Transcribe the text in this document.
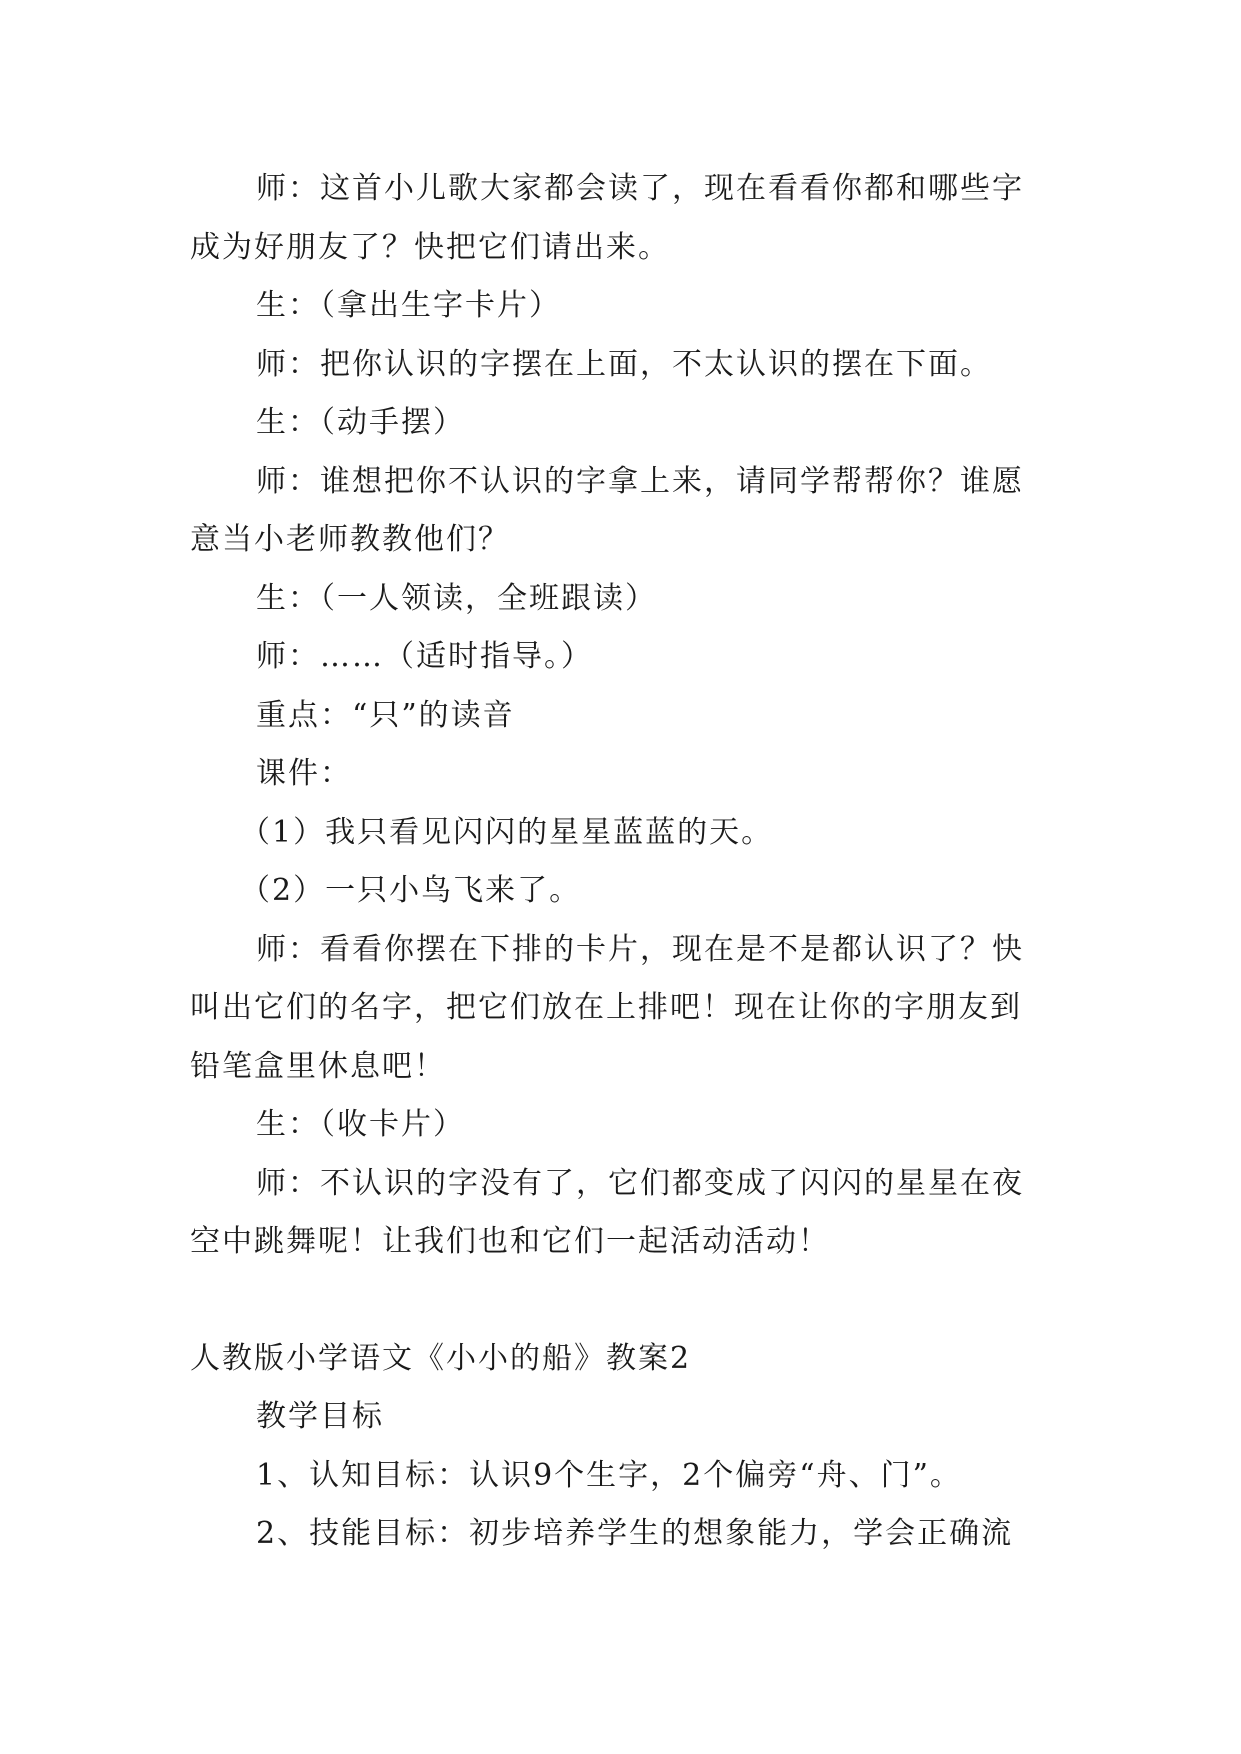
师：这首小儿歌大家都会读了，现在看看你都和哪些字

成为好朋友了？快把它们请出来。

生：（拿出生字卡片）

师：把你认识的字摆在上面，不太认识的摆在下面。

生：（动手摆）

师：谁想把你不认识的字拿上来，请同学帮帮你？谁愿

意当小老师教教他们？

生：（一人领读，全班跟读）

师：……（适时指导。）

重点：“只”的读音

课件：

（1）我只看见闪闪的星星蓝蓝的天。

（2）一只小鸟飞来了。

师：看看你摆在下排的卡片，现在是不是都认识了？快

叫出它们的名字，把它们放在上排吧！现在让你的字朋友到

铅笔盒里休息吧！

生：（收卡片）

师：不认识的字没有了，它们都变成了闪闪的星星在夜

空中跳舞呢！让我们也和它们一起活动活动！

人教版小学语文《小小的船》教案2

教学目标

1、认知目标：认识9个生字，2个偏旁“舟、门”。

2、技能目标：初步培养学生的想象能力，学会正确流
